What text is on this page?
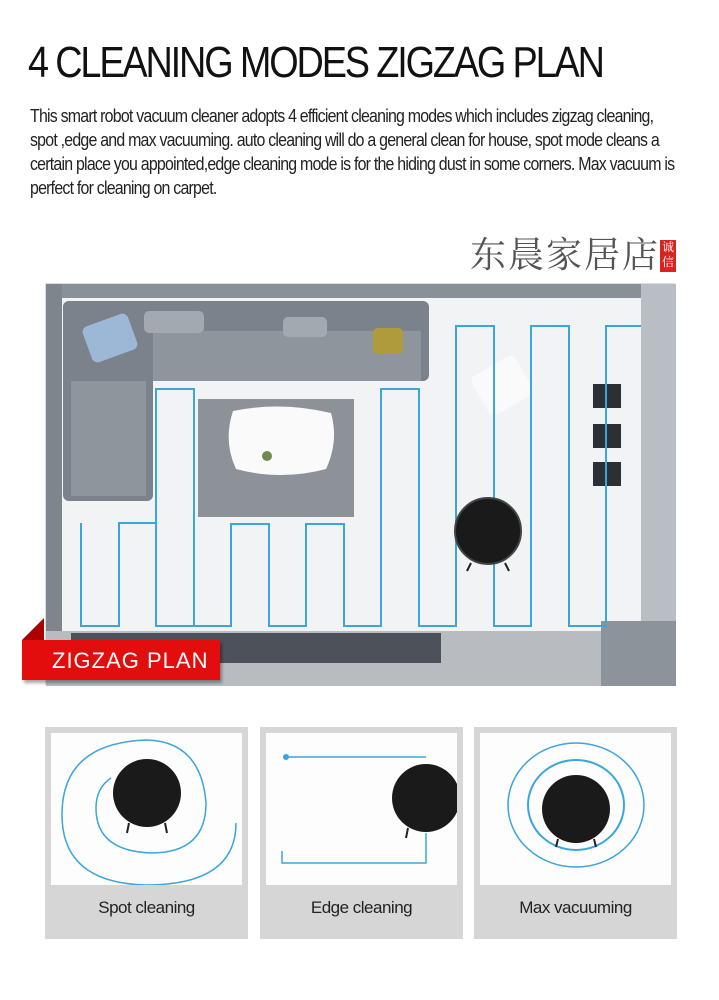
4 CLEANING MODES ZIGZAG PLAN
This smart robot vacuum cleaner adopts 4 efficient cleaning modes which includes zigzag cleaning, spot ,edge and max vacuuming. auto cleaning will do a general clean for house, spot mode cleans a certain place you appointed,edge cleaning mode is for the hiding dust in some corners. Max vacuum is perfect for cleaning on carpet.
ZIGZAG PLAN
东晨家居店 诚信
Spot cleaning	Edge cleaning	Max vacuuming
